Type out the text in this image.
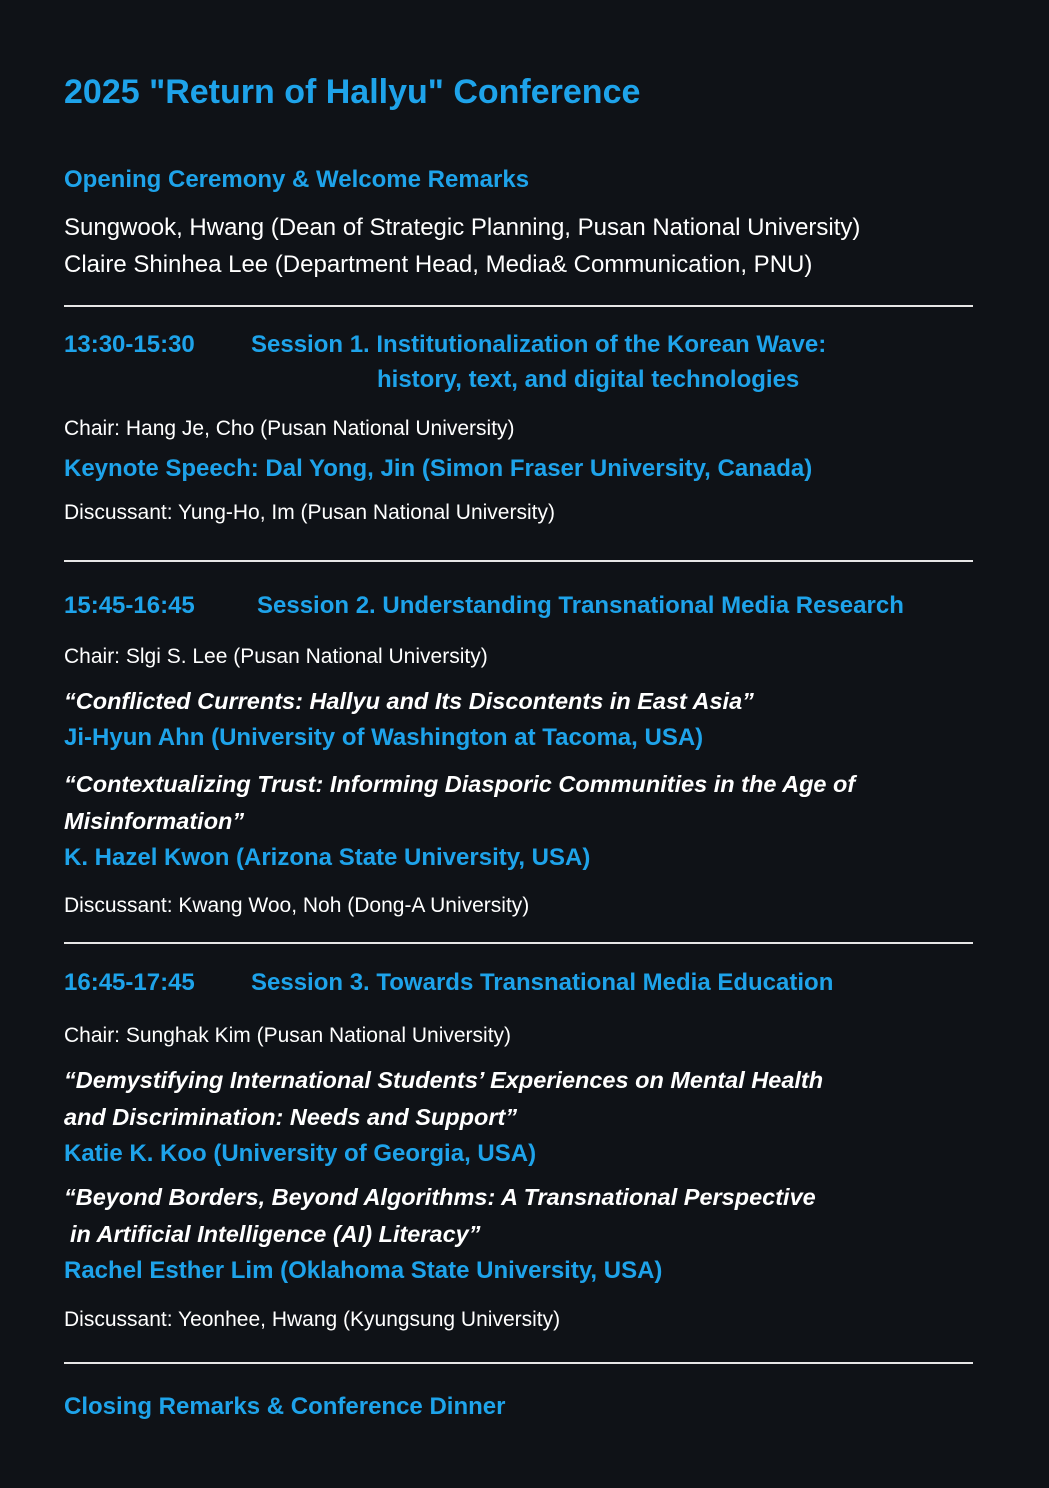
2025 "Return of Hallyu" Conference
Opening Ceremony & Welcome Remarks
Sungwook, Hwang (Dean of Strategic Planning, Pusan National University)
Claire Shinhea Lee (Department Head, Media& Communication, PNU)
13:30-15:30 Session 1. Institutionalization of the Korean Wave:
history, text, and digital technologies
Chair: Hang Je, Cho (Pusan National University)
Keynote Speech: Dal Yong, Jin (Simon Fraser University, Canada)
Discussant: Yung-Ho, Im (Pusan National University)
15:45-16:45	Session 2. Understanding Transnational Media Research
Chair: Slgi S. Lee (Pusan National University)
“Conflicted Currents: Hallyu and Its Discontents in East Asia”
Ji-Hyun Ahn (University of Washington at Tacoma, USA)
“Contextualizing Trust: Informing Diasporic Communities in the Age of
Misinformation”
K. Hazel Kwon (Arizona State University, USA)
Discussant: Kwang Woo, Noh (Dong-A University)
16:45-17:45 Session 3. Towards Transnational Media Education
Chair: Sunghak Kim (Pusan National University)
“Demystifying International Students’ Experiences on Mental Health
and Discrimination: Needs and Support”
Katie K. Koo (University of Georgia, USA)
“Beyond Borders, Beyond Algorithms: A Transnational Perspective
in Artificial Intelligence (AI) Literacy”
Rachel Esther Lim (Oklahoma State University, USA)
Discussant: Yeonhee, Hwang (Kyungsung University)
Closing Remarks & Conference Dinner
